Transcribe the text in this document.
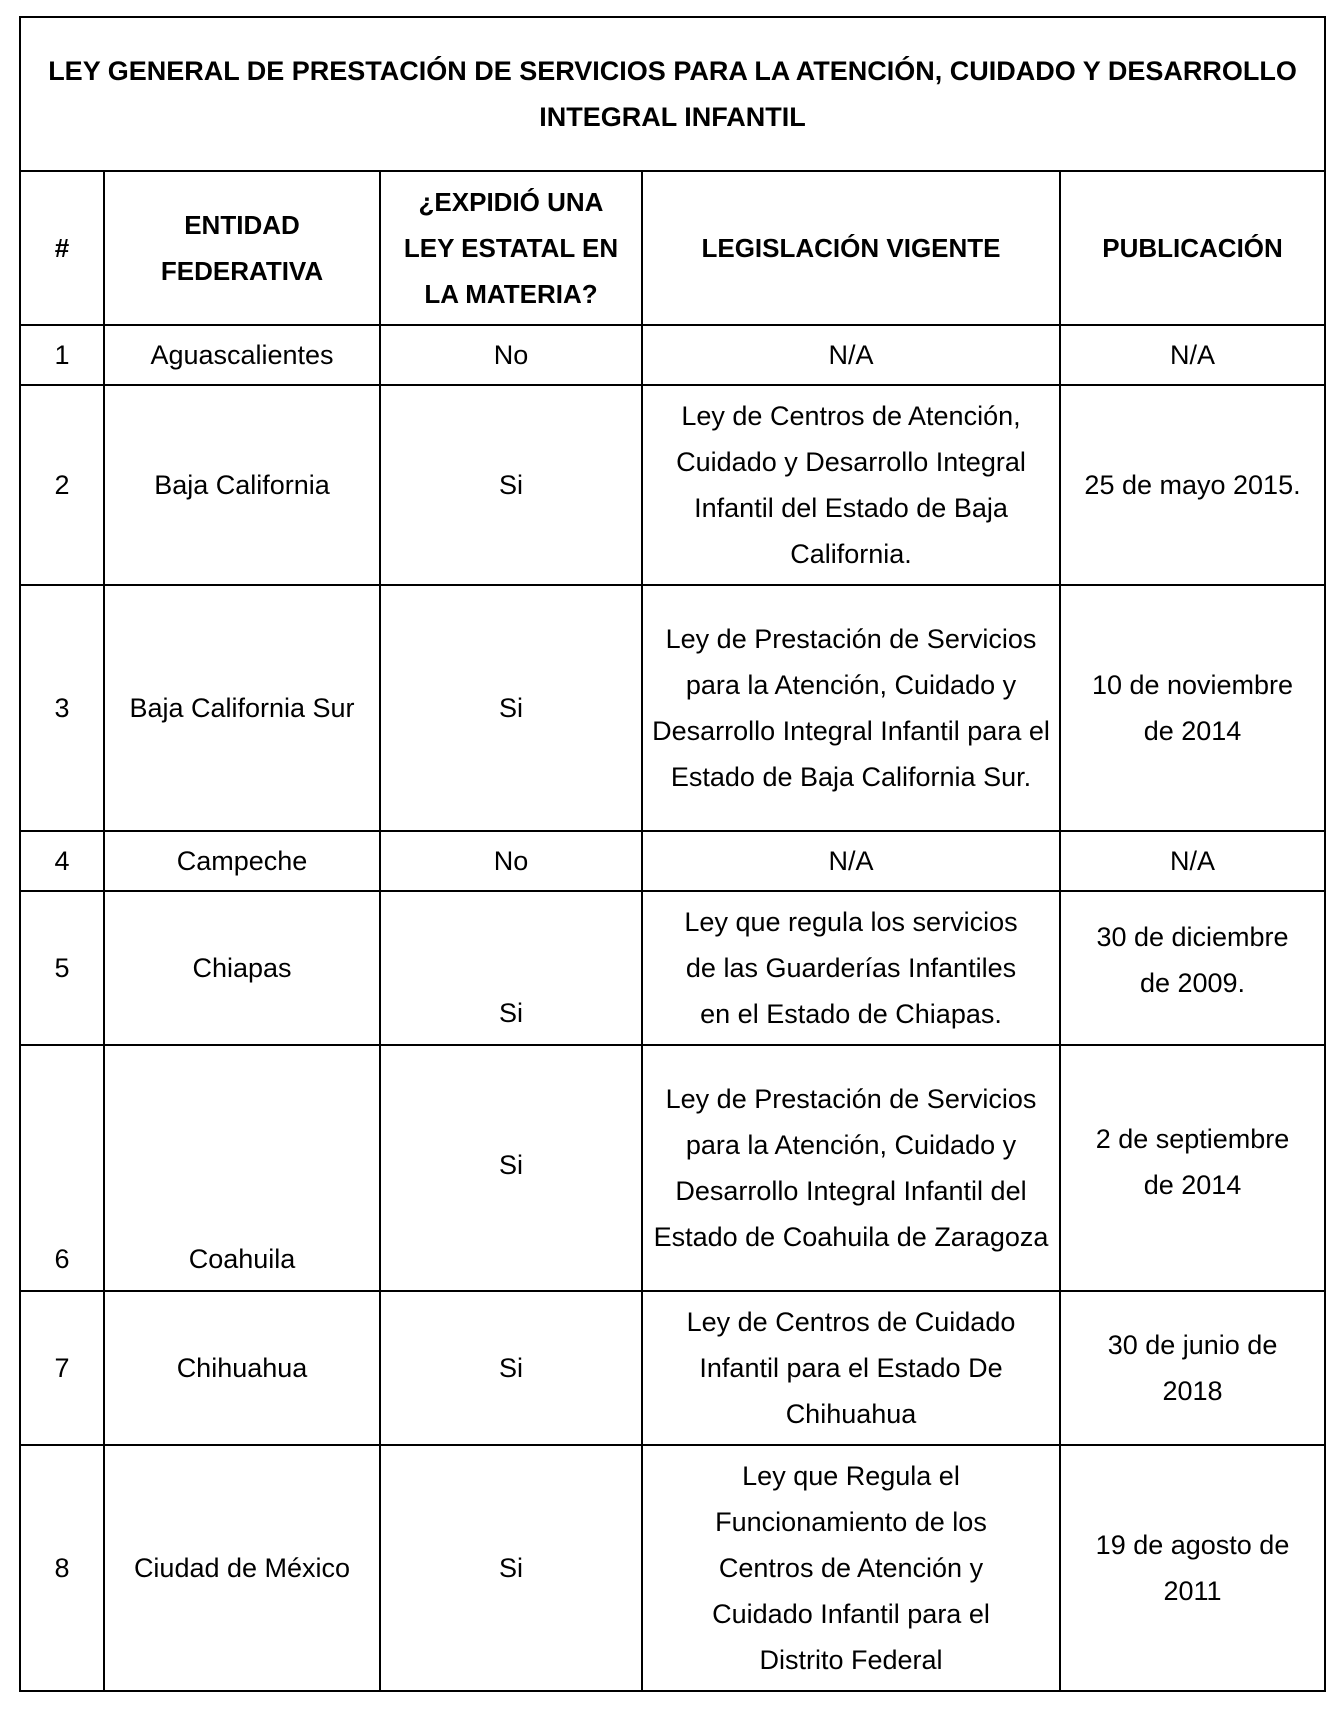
LEY GENERAL DE PRESTACIÓN DE SERVICIOS PARA LA ATENCIÓN, CUIDADO Y DESARROLLO INTEGRAL INFANTIL				
#	ENTIDAD FEDERATIVA	¿EXPIDIÓ UNA LEY ESTATAL EN LA MATERIA?	LEGISLACIÓN VIGENTE	PUBLICACIÓN
1	Aguascalientes	No	N/A	N/A
2	Baja California	Si	Ley de Centros de Atención, Cuidado y Desarrollo Integral Infantil del Estado de Baja California.	25 de mayo 2015.
3	Baja California Sur	Si	Ley de Prestación de Servicios para la Atención, Cuidado y Desarrollo Integral Infantil para el Estado de Baja California Sur.	10 de noviembre de 2014
4	Campeche	No	N/A	N/A
5	Chiapas	Si	Ley que regula los servicios de las Guarderías Infantiles en el Estado de Chiapas.	30 de diciembre de 2009.
6	Coahuila	Si	Ley de Prestación de Servicios para la Atención, Cuidado y Desarrollo Integral Infantil del Estado de Coahuila de Zaragoza	2 de septiembre de 2014
7	Chihuahua	Si	Ley de Centros de Cuidado Infantil para el Estado De Chihuahua	30 de junio de 2018
8	Ciudad de México	Si	Ley que Regula el Funcionamiento de los Centros de Atención y Cuidado Infantil para el Distrito Federal	19 de agosto de 2011
